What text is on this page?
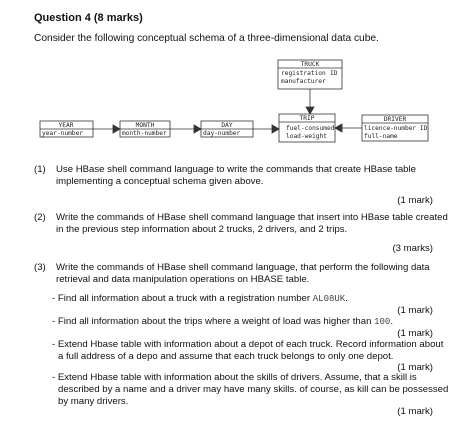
Question 4 (8 marks)
Consider the following conceptual schema of a three-dimensional data cube.
TRUCK
registration ID
manufacturer
TRIP
fuel-consumed
load-weight
DRIVER
licence-number ID
full-name
YEAR
year-number
MONTH
month-number
DAY
day-number
(1) Use HBase shell command language to write the commands that create HBase table
implementing a conceptual schema given above.
(1 mark)
(2) Write the commands of HBase shell command language that insert into HBase table created
in the previous step information about 2 trucks, 2 drivers, and 2 trips.
(3 marks)
(3) Write the commands of HBase shell command language, that perform the following data
retrieval and data manipulation operations on HBASE table.
- Find all information about a truck with a registration number AL08UK.
(1 mark)
- Find all information about the trips where a weight of load was higher than 100.
(1 mark)
- Extend Hbase table with information about a depot of each truck. Record information about
a full address of a depo and assume that each truck belongs to only one depot.
(1 mark)
- Extend Hbase table with information about the skills of drivers. Assume, that a skill is
described by a name and a driver may have many skills. of course, as kill can be possessed
by many drivers.
(1 mark)
